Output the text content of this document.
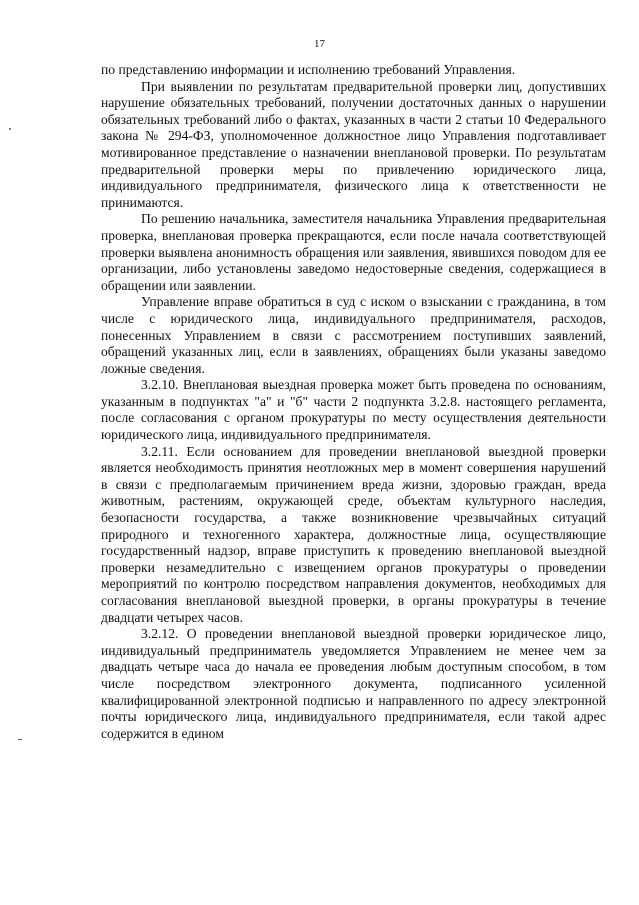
17

по представлению информации и исполнению требований Управления.

При выявлении по результатам предварительной проверки лиц, допустивших нарушение обязательных требований, получении достаточных данных о нарушении обязательных требований либо о фактах, указанных в части 2 статьи 10 Федерального закона № 294-ФЗ, уполномоченное должностное лицо Управления подготавливает мотивированное представление о назначении внеплановой проверки. По результатам предварительной проверки меры по привлечению юридического лица, индивидуального предпринимателя, физического лица к ответственности не принимаются.

По решению начальника, заместителя начальника Управления предварительная проверка, внеплановая проверка прекращаются, если после начала соответствующей проверки выявлена анонимность обращения или заявления, явившихся поводом для ее организации, либо установлены заведомо недостоверные сведения, содержащиеся в обращении или заявлении.

Управление вправе обратиться в суд с иском о взыскании с гражданина, в том числе с юридического лица, индивидуального предпринимателя, расходов, понесенных Управлением в связи с рассмотрением поступивших заявлений, обращений указанных лиц, если в заявлениях, обращениях были указаны заведомо ложные сведения.

3.2.10. Внеплановая выездная проверка может быть проведена по основаниям, указанным в подпунктах "а" и "б" части 2 подпункта 3.2.8. настоящего регламента, после согласования с органом прокуратуры по месту осуществления деятельности юридического лица, индивидуального предпринимателя.

3.2.11. Если основанием для проведении внеплановой выездной проверки является необходимость принятия неотложных мер в момент совершения нарушений в связи с предполагаемым причинением вреда жизни, здоровью граждан, вреда животным, растениям, окружающей среде, объектам культурного наследия, безопасности государства, а также возникновение чрезвычайных ситуаций природного и техногенного характера, должностные лица, осуществляющие государственный надзор, вправе приступить к проведению внеплановой выездной проверки незамедлительно с извещением органов прокуратуры о проведении мероприятий по контролю посредством направления документов, необходимых для согласования внеплановой выездной проверки, в органы прокуратуры в течение двадцати четырех часов.

3.2.12. О проведении внеплановой выездной проверки юридическое лицо, индивидуальный предприниматель уведомляется Управлением не менее чем за двадцать четыре часа до начала ее проведения любым доступным способом, в том числе посредством электронного документа, подписанного усиленной квалифицированной электронной подписью и направленного по адресу электронной почты юридического лица, индивидуального предпринимателя, если такой адрес содержится в едином
